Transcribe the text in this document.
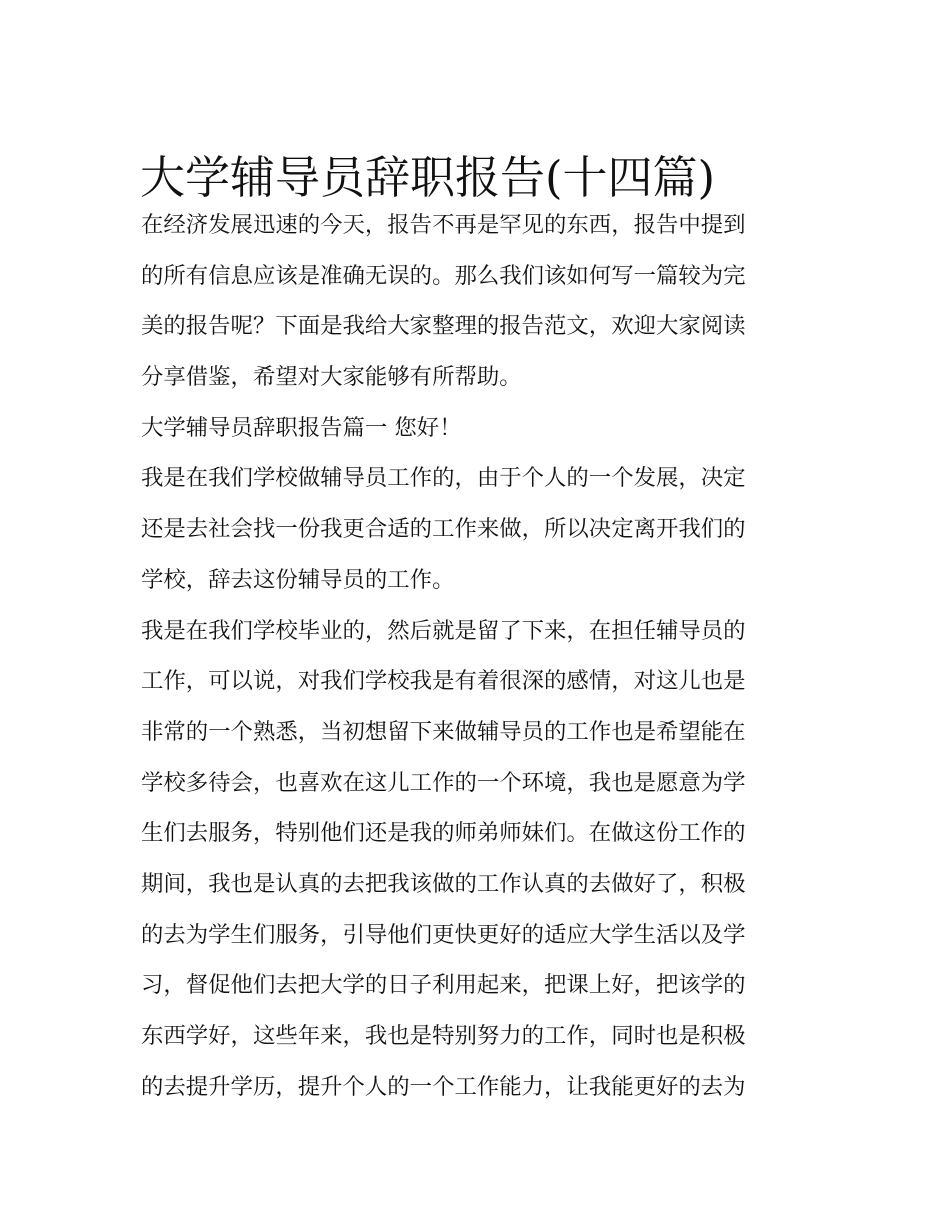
大学辅导员辞职报告(十四篇)
在经济发展迅速的今天，报告不再是罕见的东西，报告中提到
的所有信息应该是准确无误的。那么我们该如何写一篇较为完
美的报告呢？下面是我给大家整理的报告范文，欢迎大家阅读
分享借鉴，希望对大家能够有所帮助。
大学辅导员辞职报告篇一 您好！
我是在我们学校做辅导员工作的，由于个人的一个发展，决定
还是去社会找一份我更合适的工作来做，所以决定离开我们的
学校，辞去这份辅导员的工作。
我是在我们学校毕业的，然后就是留了下来，在担任辅导员的
工作，可以说，对我们学校我是有着很深的感情，对这儿也是
非常的一个熟悉，当初想留下来做辅导员的工作也是希望能在
学校多待会，也喜欢在这儿工作的一个环境，我也是愿意为学
生们去服务，特别他们还是我的师弟师妹们。在做这份工作的
期间，我也是认真的去把我该做的工作认真的去做好了，积极
的去为学生们服务，引导他们更快更好的适应大学生活以及学
习，督促他们去把大学的日子利用起来，把课上好，把该学的
东西学好，这些年来，我也是特别努力的工作，同时也是积极
的去提升学历，提升个人的一个工作能力，让我能更好的去为
